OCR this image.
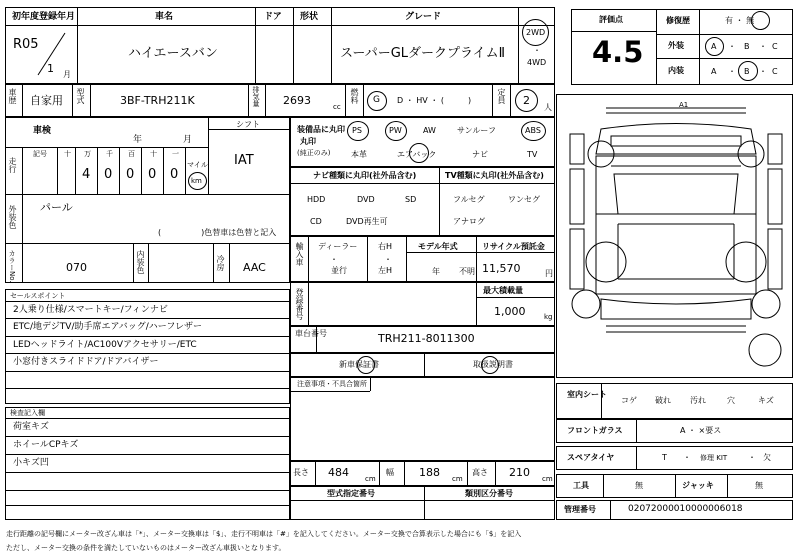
初年度登録年月	車名	ドア 形状	グレード
R05
1 月
ハイエースバン	スーパーGLダークプライムⅡ
2WD
・
4WD
車歴 自家用 型式	3BF-TRH211K	排気量 2693	cc
燃料 G D ・ HV ・ (　　　)	定員 2
人
車検
年	月
シフト
IAT
走行
記号 十 万 千 百 十 一
マイル
4 0 0 0 0 km
外装色 パール
(　　　　　)色替車は色替と記入
カラーNo.	070	内装色	冷房 AAC
セールスポイント
2人乗り仕様/スマートキー/フィンナビ
ETC/地デジTV/助手席エアバッグ/ハーフレザー
LEDヘッドライト/AC100Vアクセサリー/ETC
小窓付きスライドドア/ドアバイザー
検査記入欄
荷室キズ
ホイールCPキズ
小キズ凹
装備品に丸印
丸印
(純正のみ)
PS	PW	AW	サンルーフ	ABS
本革	エアバック	ナビ	TV
ナビ種類に丸印(社外品含む)	TV種類に丸印(社外品含む)
HDD	DVD	SD
CD	DVD再生可
フルセグ	ワンセグ
アナログ
輸入車 ディーラー
・
並行
右H
・
左H
モデル年式
年 不明
リサイクル預託金
11,570	円
登録番号	最大積載量
1,000	kg
車台番号	TRH211-8011300
新車保証書	取扱説明書
注意事項・不具合箇所
長さ 484 cm
幅 188 cm
高さ 210 cm
型式指定番号	類別区分番号
評価点
4.5
修復歴	有 ・ 無
外装	A ・ B ・ C
内装	A ・ B ・ C
A1
室内シート
コゲ 破れ 汚れ	穴	キズ
フロントガラス	A ・ ×要ス
スペアタイヤ	T ・ 修理 KIT	・ 欠
工具	無	ジャッキ	無
管理番号	02072000010000006018
走行距離の記号欄にメーター改ざん車は「*」、メーター交換車は「$」、走行不明車は「#」を記入してください。メーター交換で合算表示した場合にも「$」を記入
ただし、メーター交換の条件を満たしていないものはメーター改ざん車扱いとなります。
